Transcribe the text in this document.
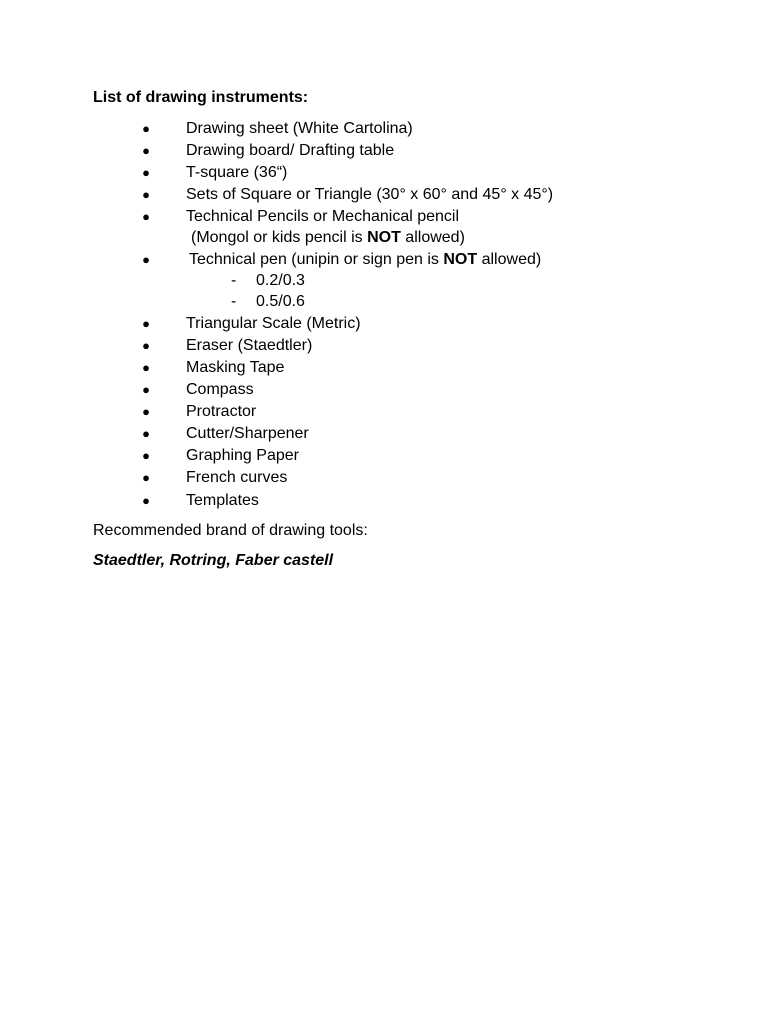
List of drawing instruments:
● Drawing sheet (White Cartolina)
● Drawing board/ Drafting table
● T-square (36“)
● Sets of Square or Triangle (30° x 60° and 45° x 45°)
● Technical Pencils or Mechanical pencil
(Mongol or kids pencil is NOT allowed)
● Technical pen (unipin or sign pen is NOT allowed)
- 0.2/0.3
- 0.5/0.6
● Triangular Scale (Metric)
● Eraser (Staedtler)
● Masking Tape
● Compass
● Protractor
● Cutter/Sharpener
● Graphing Paper
● French curves
● Templates
Recommended brand of drawing tools:
Staedtler, Rotring, Faber castell
